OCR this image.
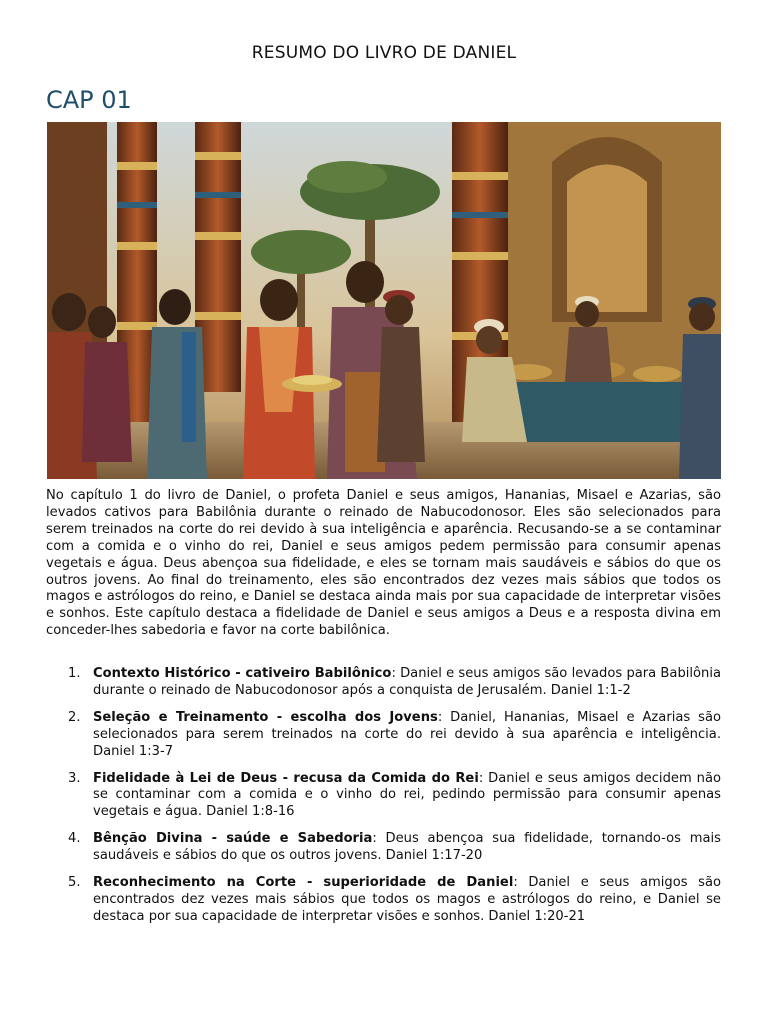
RESUMO DO LIVRO DE DANIEL
CAP 01

No capítulo 1 do livro de Daniel, o profeta Daniel e seus amigos, Hananias, Misael e Azarias, são levados cativos para Babilônia durante o reinado de Nabucodonosor. Eles são selecionados para serem treinados na corte do rei devido à sua inteligência e aparência. Recusando-se a se contaminar com a comida e o vinho do rei, Daniel e seus amigos pedem permissão para consumir apenas vegetais e água. Deus abençoa sua fidelidade, e eles se tornam mais saudáveis e sábios do que os outros jovens. Ao final do treinamento, eles são encontrados dez vezes mais sábios que todos os magos e astrólogos do reino, e Daniel se destaca ainda mais por sua capacidade de interpretar visões e sonhos. Este capítulo destaca a fidelidade de Daniel e seus amigos a Deus e a resposta divina em conceder-lhes sabedoria e favor na corte babilônica.

1. Contexto Histórico - cativeiro Babilônico: Daniel e seus amigos são levados para Babilônia durante o reinado de Nabucodonosor após a conquista de Jerusalém. Daniel 1:1-2
2. Seleção e Treinamento - escolha dos Jovens: Daniel, Hananias, Misael e Azarias são selecionados para serem treinados na corte do rei devido à sua aparência e inteligência. Daniel 1:3-7
3. Fidelidade à Lei de Deus - recusa da Comida do Rei: Daniel e seus amigos decidem não se contaminar com a comida e o vinho do rei, pedindo permissão para consumir apenas vegetais e água. Daniel 1:8-16
4. Bênção Divina - saúde e Sabedoria: Deus abençoa sua fidelidade, tornando-os mais saudáveis e sábios do que os outros jovens. Daniel 1:17-20
5. Reconhecimento na Corte - superioridade de Daniel: Daniel e seus amigos são encontrados dez vezes mais sábios que todos os magos e astrólogos do reino, e Daniel se destaca por sua capacidade de interpretar visões e sonhos. Daniel 1:20-21
